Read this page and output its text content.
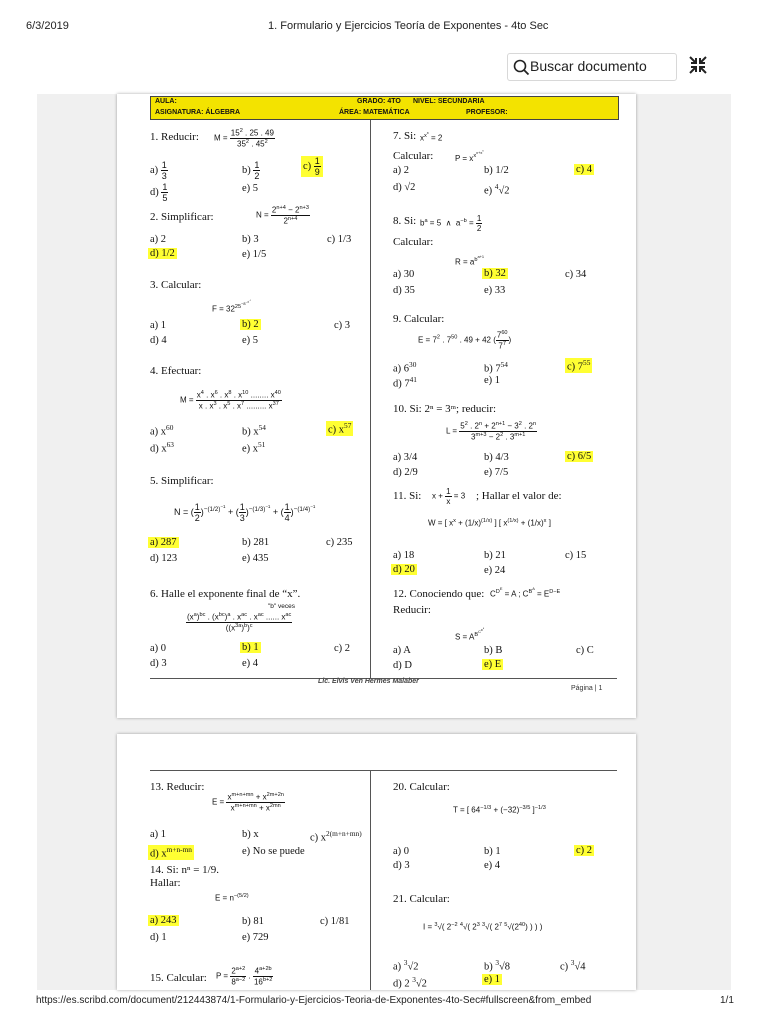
6/3/2019	1. Formulario y Ejercicios Teoría de Exponentes - 4to Sec
Buscar documento
AULA:	GRADO: 4TO NIVEL: SECUNDARIA
ASIGNATURA: ÁLGEBRA	ÁREA: MATEMÁTICA	PROFESOR:
1. Reducir: $M = \frac{15^2 . 25 . 49}{35^2 . 45^2}$
$a) \frac{1}{3}$	$b) \frac{1}{2}$	$c) \frac{1}{9}$
$d) \frac{1}{5}$	e) 5
2. Simplificar:	$N = \frac{2^{n+4} - 2^{n+3}}{2^{n+4}}$
a) 2	b) 3	c) 1/3
d) 1/2	e) 1/5
3. Calcular:
$F = 32^{25^{-8^{-3^{-1}}}}$
a) 1	b) 2	c) 3
d) 4	e) 5
4. Efectuar:
$M = \frac{x^4 . x^6 . x^8 . x^{10} ........ x^{40}}{x . x^3 . x^5 . x^7 ......... x^{37}}$
a) $x^{60}$	b) $x^{54}$	c) $x^{57}$
d) $x^{63}$	e) $x^{51}$
5. Simplificar:
N = ( $\frac{1}{2} )^{-(1/2)^{-1}}$ + ( $\frac{1}{3} )^{-(1/3)^{-1}}$ + ( $\frac{1}{4} )^{-(1/4)^{-1}}$
a) 287	b) 281	c) 235
d) 123	e) 435
6. Halle el exponente final de “x”.
"b" veces
$\frac{(x^a)^{bc} . (x^{bc})^a . x^{ac} . x^{ac} ...... x^{ac}}{((x^{3a})^b)^c}$
a) 0	b) 1	c) 2
d) 3	e) 4
7. Si: $x^{x^x} = 2$
Calcular:	$P = x^{x^{x+x^x}}$
a) 2	b) 1/2	c) 4
d) √2	e) $^4$√2
8. Si: $b^a = 5$  ∧  $a^{-b} = \frac{1}{2}$
Calcular:
$R = a^{b^{a+1}}$
a) 30	b) 32	c) 34
d) 35	e) 33
9. Calcular:
$E = 7^2$ . $7^{50}$ . 49 + 42 ( $\frac{7^{60}}{7^7}$ )
a) $6^{30}$	b) $7^{54}$	c) $7^{55}$
d) $7^{41}$	e) 1
10. Si: 2ⁿ = 3ᵐ; reducir:
$L = \frac{5^2 . 2^n + 2^{n+1} - 3^2 . 2^n}{3^{m+3} - 2^2 . 3^{m+1}}$
a) 3/4	b) 4/3	c) 6/5
d) 2/9	e) 7/5
11. Si: $x + \frac{1}{x} = 3$ ; Hallar el valor de:
W = [ $x^x + (1/x)^{(1/x)}$ ] [ $x^{(1/x)} + (1/x)^x$ ]
a) 18	b) 21	c) 15
d) 20	e) 24
12. Conociendo que: CDE = A ; $C^{B^A} = E^{D-E}$
Reducir:
$S = A^{B^{C^{D^E}}}$
a) A	b) B	c) C
d) D	e) E
Lic. Elvis Ven Hermes Malaber
Página | 1
13. Reducir:
$E = \frac{x^{m+n+mn} + x^{2m+2n}}{x^{m+n+mn} + x^{2mn}}$
a) 1	b) x	c) $x^{2(m+n+mn)}$
d) $x^{m+n-mn}$	e) No se puede
14. Si: nⁿ = 1/9.
Hallar:
$E = n^{-(5/2)}$
a) 243	b) 81	c) 1/81
d) 1	e) 729
15. Calcular: $P = \frac{2^{a+2}}{8^{a-2}}$ . $\frac{4^{a+2b}}{16^{b+2}}$
20. Calcular:
T = [ $64^{-1/3} + (-32)^{-3/5}$ ]$^{-1/3}$
a) 0	b) 1	c) 2
d) 3	e) 4
21. Calcular:
I = $^3$√( $2^{-2}$ $^4$√( $2^3$ $^3$√( $2^7$ $^5√(2^{40})$ ) ) )
a) $^3$√2	b) $^3$√8	c) $^3$√4
d) 2 $^3$√2	e) 1
https://es.scribd.com/document/212443874/1-Formulario-y-Ejercicios-Teoria-de-Exponentes-4to-Sec#fullscreen&from_embed	1/1
